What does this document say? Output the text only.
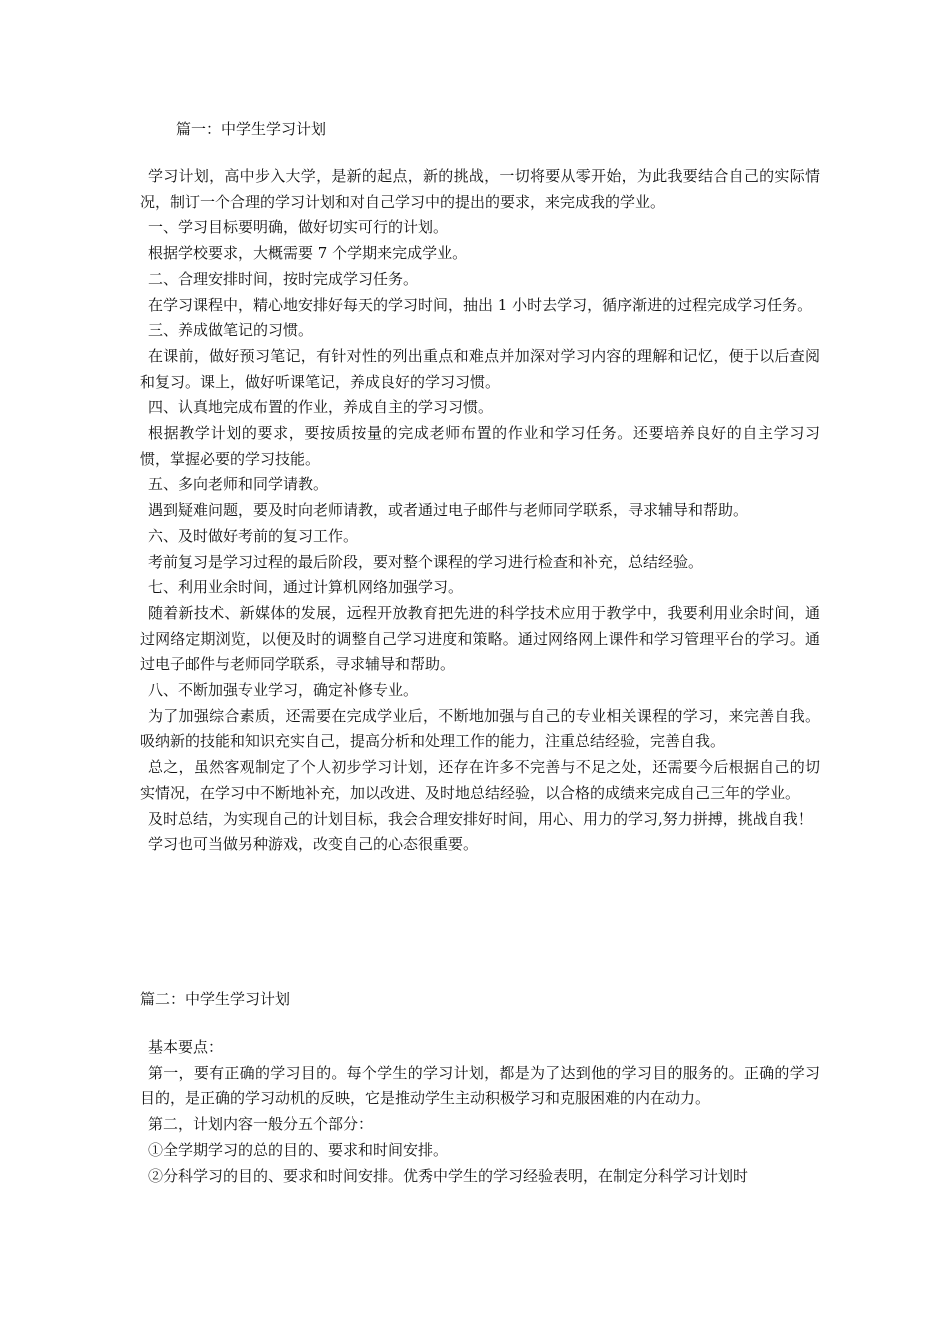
篇一：中学生学习计划

学习计划，高中步入大学，是新的起点，新的挑战，一切将要从零开始，为此我要结合自己的实际情况，制订一个合理的学习计划和对自己学习中的提出的要求，来完成我的学业。

一、学习目标要明确，做好切实可行的计划。

根据学校要求，大概需要 7 个学期来完成学业。

二、合理安排时间，按时完成学习任务。

在学习课程中，精心地安排好每天的学习时间，抽出 1 小时去学习，循序渐进的过程完成学习任务。

三、养成做笔记的习惯。

在课前，做好预习笔记，有针对性的列出重点和难点并加深对学习内容的理解和记忆，便于以后查阅和复习。课上，做好听课笔记，养成良好的学习习惯。

四、认真地完成布置的作业，养成自主的学习习惯。

根据教学计划的要求，要按质按量的完成老师布置的作业和学习任务。还要培养良好的自主学习习惯，掌握必要的学习技能。

五、多向老师和同学请教。

遇到疑难问题，要及时向老师请教，或者通过电子邮件与老师同学联系，寻求辅导和帮助。

六、及时做好考前的复习工作。

考前复习是学习过程的最后阶段，要对整个课程的学习进行检查和补充，总结经验。

七、利用业余时间，通过计算机网络加强学习。

随着新技术、新媒体的发展，远程开放教育把先进的科学技术应用于教学中，我要利用业余时间，通过网络定期浏览，以便及时的调整自己学习进度和策略。通过网络网上课件和学习管理平台的学习。通过电子邮件与老师同学联系，寻求辅导和帮助。

八、不断加强专业学习，确定补修专业。

为了加强综合素质，还需要在完成学业后，不断地加强与自己的专业相关课程的学习，来完善自我。吸纳新的技能和知识充实自己，提高分析和处理工作的能力，注重总结经验，完善自我。

总之，虽然客观制定了个人初步学习计划，还存在许多不完善与不足之处，还需要今后根据自己的切实情况，在学习中不断地补充，加以改进、及时地总结经验，以合格的成绩来完成自己三年的学业。

及时总结，为实现自己的计划目标，我会合理安排好时间，用心、用力的学习,努力拼搏，挑战自我！

学习也可当做另种游戏，改变自己的心态很重要。

篇二：中学生学习计划

基本要点：

第一，要有正确的学习目的。每个学生的学习计划，都是为了达到他的学习目的服务的。正确的学习目的，是正确的学习动机的反映，它是推动学生主动积极学习和克服困难的内在动力。

第二，计划内容一般分五个部分：

①全学期学习的总的目的、要求和时间安排。

②分科学习的目的、要求和时间安排。优秀中学生的学习经验表明，在制定分科学习计划时
